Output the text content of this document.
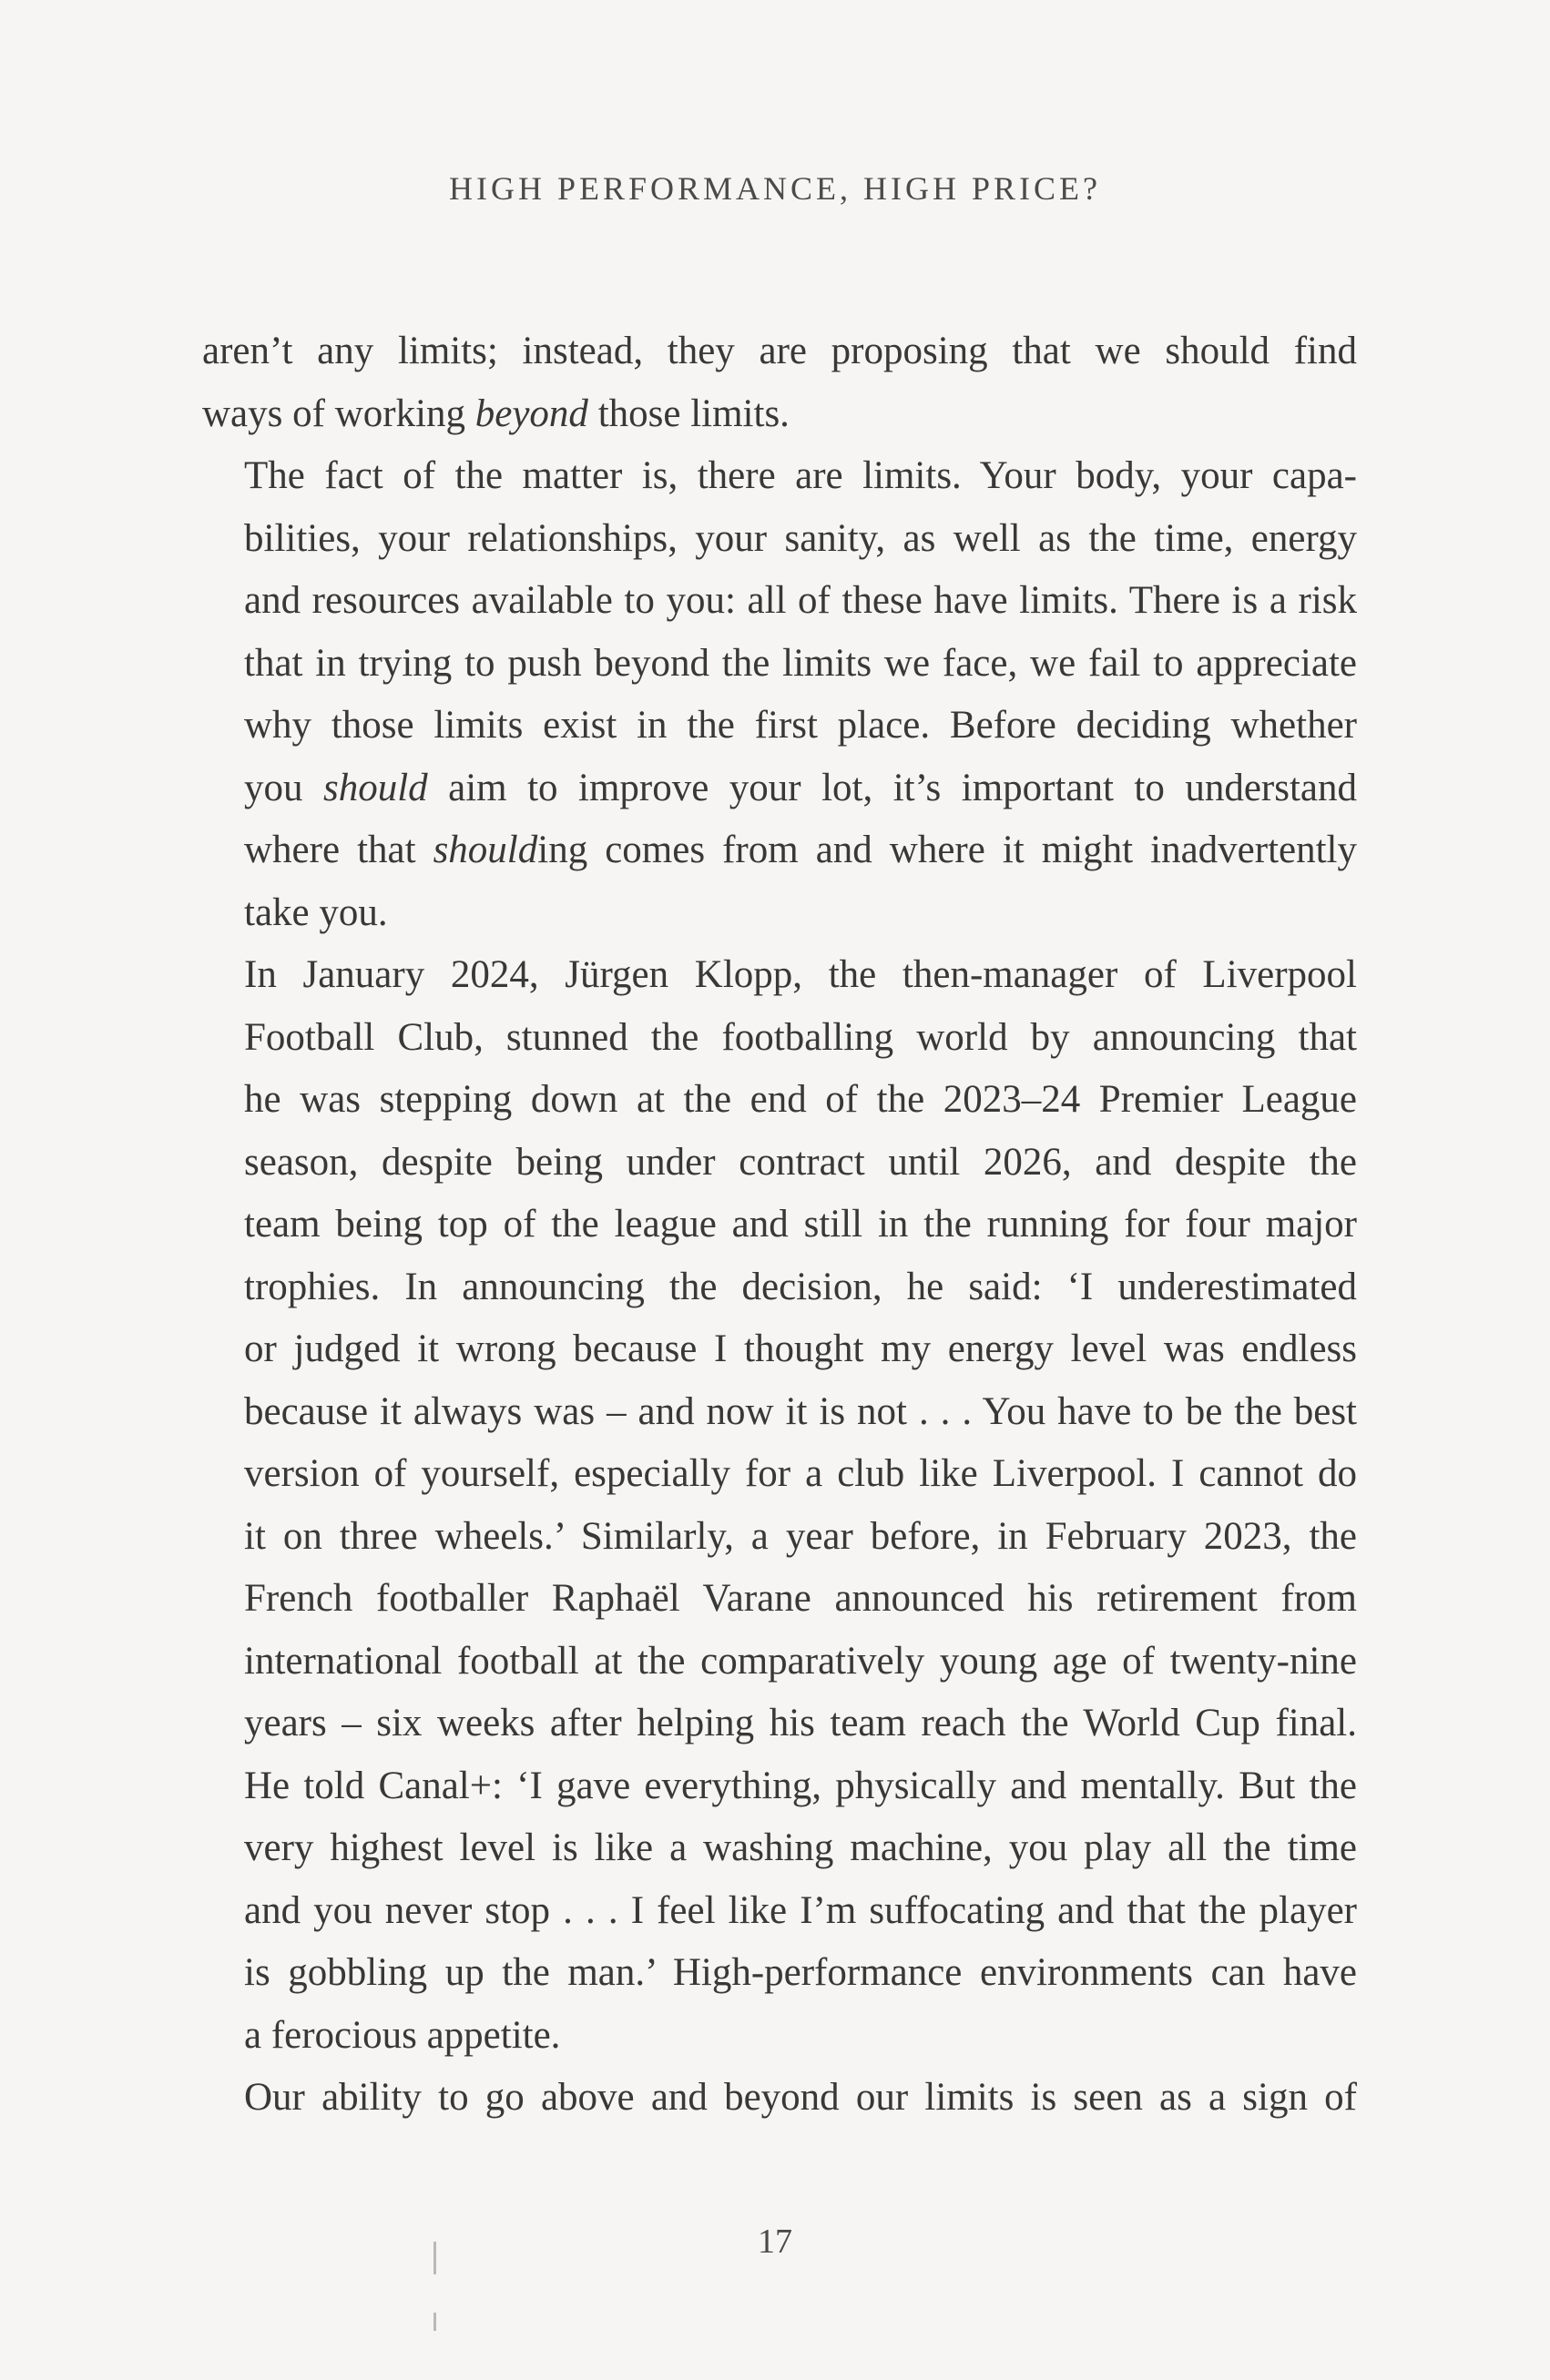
HIGH PERFORMANCE, HIGH PRICE?

aren’t any limits; instead, they are proposing that we should find
ways of working beyond those limits.

The fact of the matter is, there are limits. Your body, your capa-
bilities, your relationships, your sanity, as well as the time, energy
and resources available to you: all of these have limits. There is a risk
that in trying to push beyond the limits we face, we fail to appreciate
why those limits exist in the first place. Before deciding whether
you should aim to improve your lot, it’s important to understand
where that shoulding comes from and where it might inadvertently
take you.

In January 2024, Jürgen Klopp, the then-manager of Liverpool
Football Club, stunned the footballing world by announcing that
he was stepping down at the end of the 2023–24 Premier League
season, despite being under contract until 2026, and despite the
team being top of the league and still in the running for four major
trophies. In announcing the decision, he said: ‘I underestimated
or judged it wrong because I thought my energy level was endless
because it always was – and now it is not . . . You have to be the best
version of yourself, especially for a club like Liverpool. I cannot do
it on three wheels.’ Similarly, a year before, in February 2023, the
French footballer Raphaël Varane announced his retirement from
international football at the comparatively young age of twenty-nine
years – six weeks after helping his team reach the World Cup final.
He told Canal+: ‘I gave everything, physically and mentally. But the
very highest level is like a washing machine, you play all the time
and you never stop . . . I feel like I’m suffocating and that the player
is gobbling up the man.’ High-performance environments can have
a ferocious appetite.

Our ability to go above and beyond our limits is seen as a sign of

17
